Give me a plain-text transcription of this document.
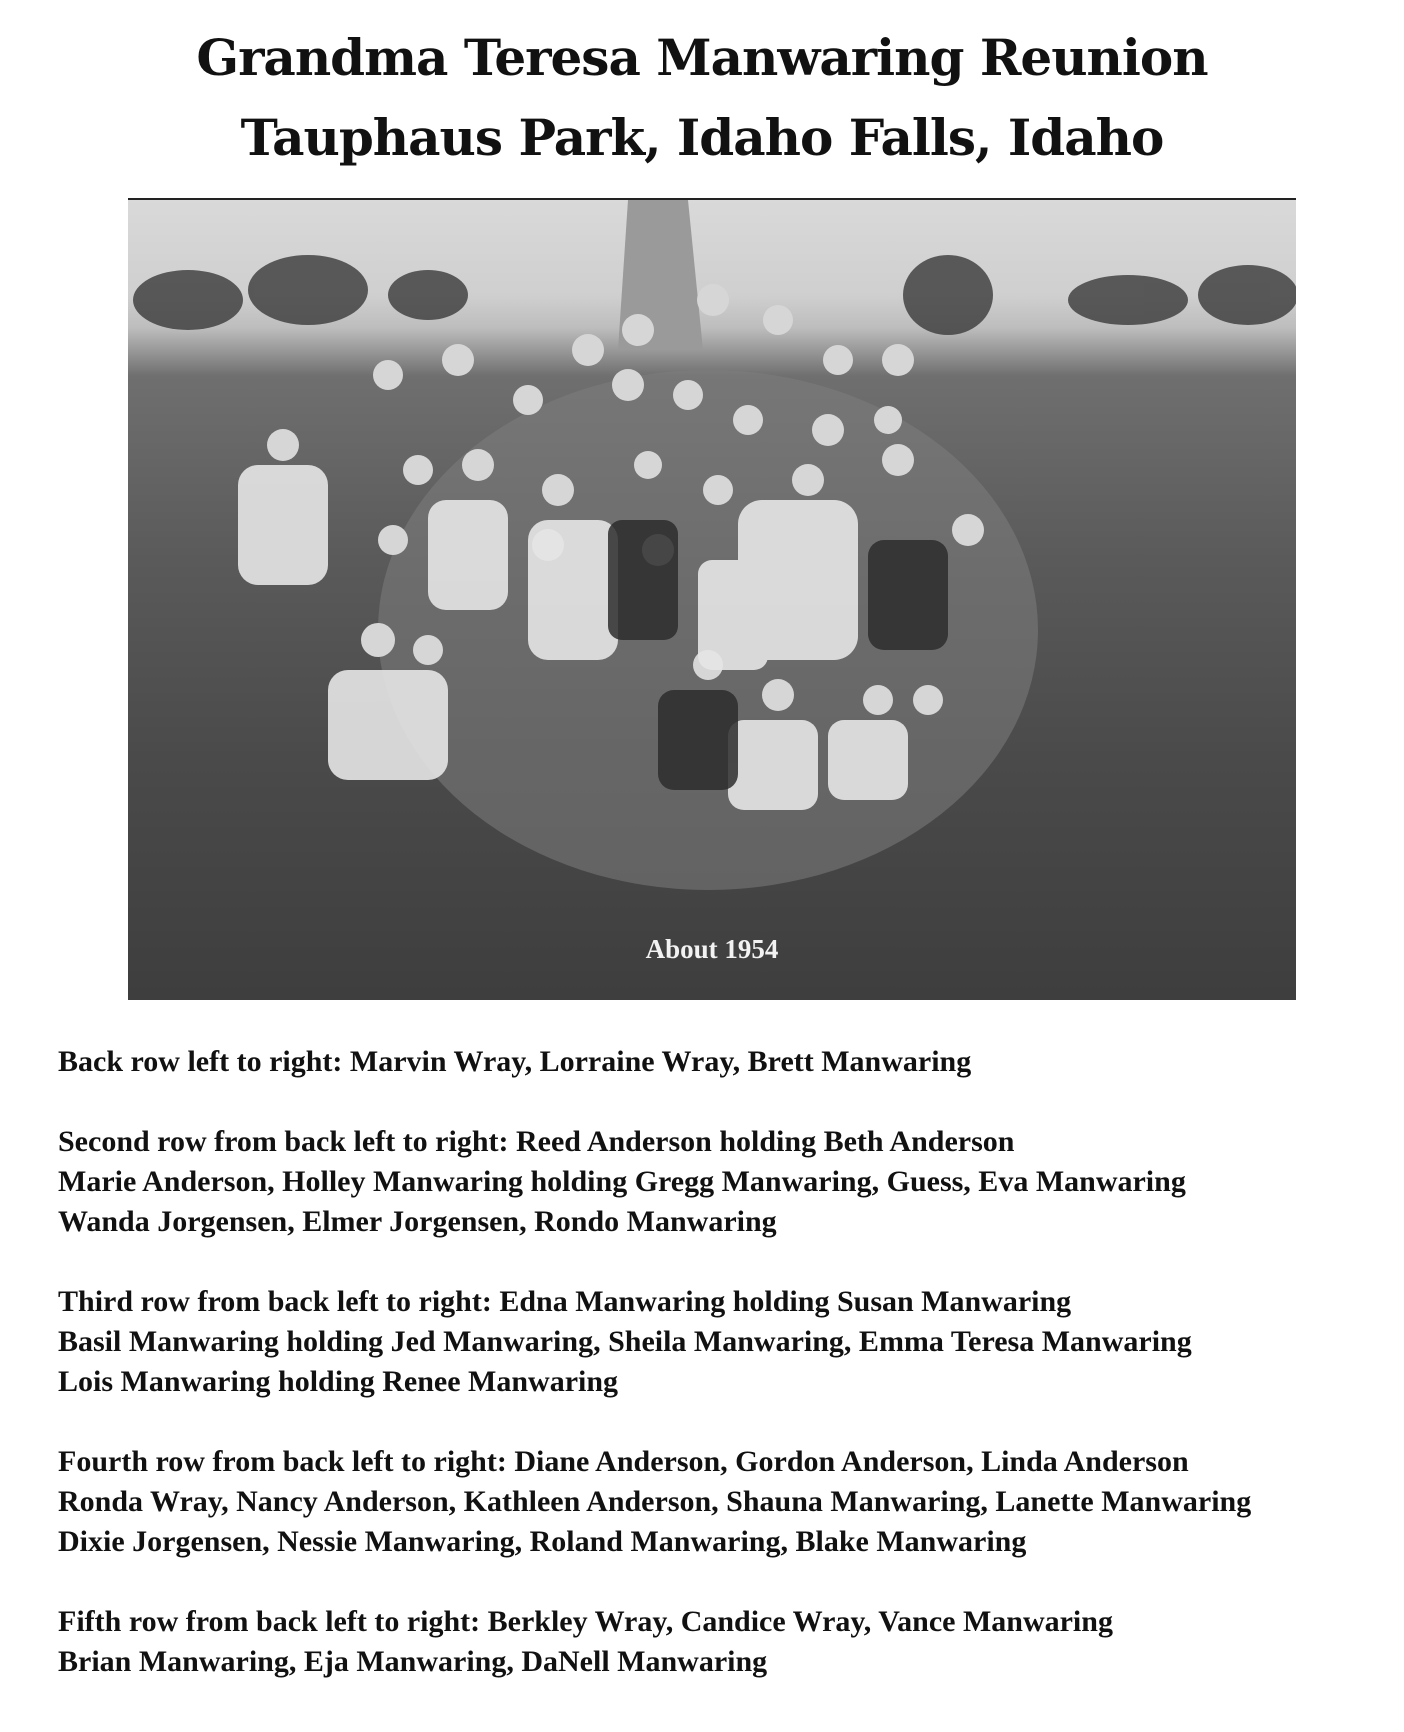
Grandma Teresa Manwaring Reunion
Tauphaus Park, Idaho Falls, Idaho
About 1954
Back row left to right: Marvin Wray, Lorraine Wray, Brett Manwaring
Second row from back left to right: Reed Anderson holding Beth Anderson
Marie Anderson, Holley Manwaring holding Gregg Manwaring, Guess, Eva Manwaring
Wanda Jorgensen, Elmer Jorgensen, Rondo Manwaring
Third row from back left to right: Edna Manwaring holding Susan Manwaring
Basil Manwaring holding Jed Manwaring, Sheila Manwaring, Emma Teresa Manwaring
Lois Manwaring holding Renee Manwaring
Fourth row from back left to right: Diane Anderson, Gordon Anderson, Linda Anderson
Ronda Wray, Nancy Anderson, Kathleen Anderson, Shauna Manwaring, Lanette Manwaring
Dixie Jorgensen, Nessie Manwaring, Roland Manwaring, Blake Manwaring
Fifth row from back left to right: Berkley Wray, Candice Wray, Vance Manwaring
Brian Manwaring, Eja Manwaring, DaNell Manwaring
